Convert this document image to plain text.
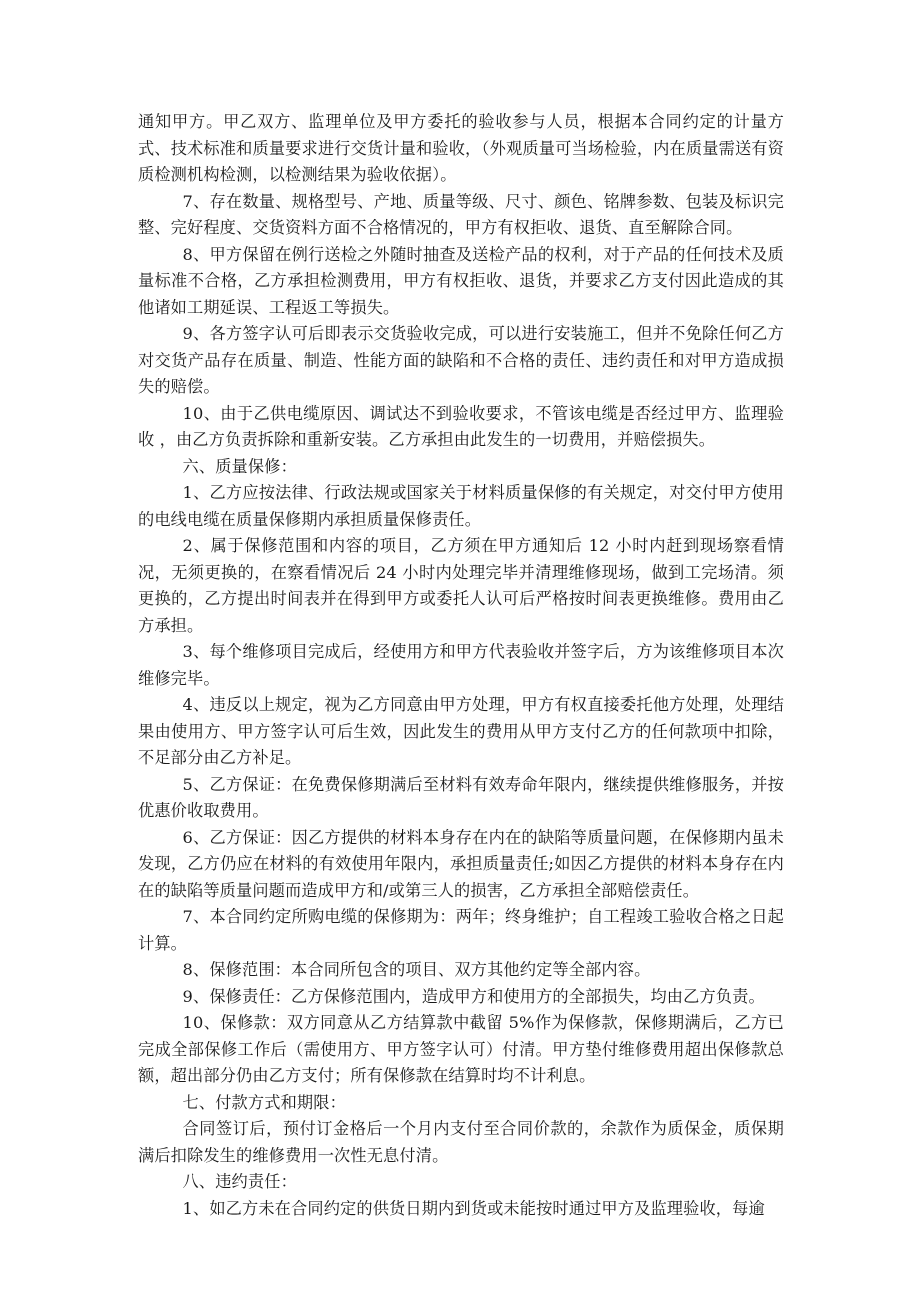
通知甲方。甲乙双方、监理单位及甲方委托的验收参与人员，根据本合同约定的计量方式、技术标准和质量要求进行交货计量和验收，（外观质量可当场检验，内在质量需送有资质检测机构检测，以检测结果为验收依据）。

7、存在数量、规格型号、产地、质量等级、尺寸、颜色、铭牌参数、包装及标识完整、完好程度、交货资料方面不合格情况的，甲方有权拒收、退货、直至解除合同。

8、甲方保留在例行送检之外随时抽查及送检产品的权利，对于产品的任何技术及质量标准不合格，乙方承担检测费用，甲方有权拒收、退货，并要求乙方支付因此造成的其他诸如工期延误、工程返工等损失。

9、各方签字认可后即表示交货验收完成，可以进行安装施工，但并不免除任何乙方对交货产品存在质量、制造、性能方面的缺陷和不合格的责任、违约责任和对甲方造成损失的赔偿。

10、由于乙供电缆原因、调试达不到验收要求，不管该电缆是否经过甲方、监理验收 ，由乙方负责拆除和重新安装。乙方承担由此发生的一切费用，并赔偿损失。

六、质量保修：

1、乙方应按法律、行政法规或国家关于材料质量保修的有关规定，对交付甲方使用的电线电缆在质量保修期内承担质量保修责任。

2、属于保修范围和内容的项目，乙方须在甲方通知后 12 小时内赶到现场察看情况，无须更换的，在察看情况后 24 小时内处理完毕并清理维修现场，做到工完场清。须更换的，乙方提出时间表并在得到甲方或委托人认可后严格按时间表更换维修。费用由乙方承担。

3、每个维修项目完成后，经使用方和甲方代表验收并签字后，方为该维修项目本次维修完毕。

4、违反以上规定，视为乙方同意由甲方处理，甲方有权直接委托他方处理，处理结果由使用方、甲方签字认可后生效，因此发生的费用从甲方支付乙方的任何款项中扣除，不足部分由乙方补足。

5、乙方保证：在免费保修期满后至材料有效寿命年限内，继续提供维修服务，并按优惠价收取费用。

6、乙方保证：因乙方提供的材料本身存在内在的缺陷等质量问题，在保修期内虽未发现，乙方仍应在材料的有效使用年限内，承担质量责任;如因乙方提供的材料本身存在内在的缺陷等质量问题而造成甲方和/或第三人的损害，乙方承担全部赔偿责任。

7、本合同约定所购电缆的保修期为：两年；终身维护；自工程竣工验收合格之日起计算。

8、保修范围：本合同所包含的项目、双方其他约定等全部内容。

9、保修责任：乙方保修范围内，造成甲方和使用方的全部损失，均由乙方负责。

10、保修款：双方同意从乙方结算款中截留 5%作为保修款，保修期满后，乙方已完成全部保修工作后（需使用方、甲方签字认可）付清。甲方垫付维修费用超出保修款总额，超出部分仍由乙方支付；所有保修款在结算时均不计利息。

七、付款方式和期限：

合同签订后，预付订金格后一个月内支付至合同价款的，余款作为质保金，质保期满后扣除发生的维修费用一次性无息付清。

八、违约责任：

1、如乙方未在合同约定的供货日期内到货或未能按时通过甲方及监理验收，每逾
